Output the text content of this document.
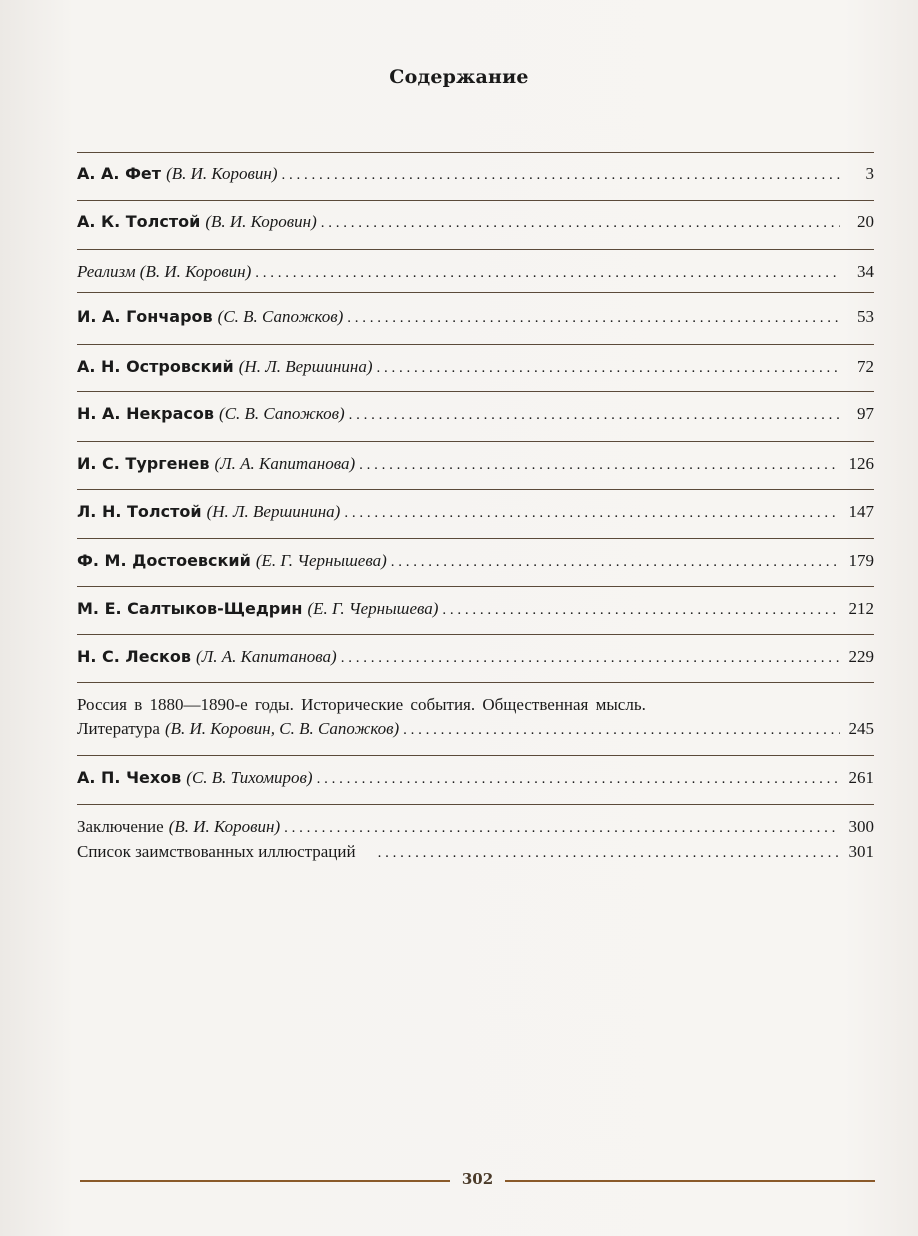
Содержание
А. А. Фет (В. И. Коровин) . . .	3
А. К. Толстой (В. И. Коровин) . . .	20
Реализм (В. И. Коровин) . . .	34
И. А. Гончаров (С. В. Сапожков) . . .	53
А. Н. Островский (Н. Л. Вершинина) . . .	72
Н. А. Некрасов (С. В. Сапожков) . . .	97
И. С. Тургенев (Л. А. Капитанова) . . .	126
Л. Н. Толстой (Н. Л. Вершинина) . . .	147
Ф. М. Достоевский (Е. Г. Чернышева) . . .	179
М. Е. Салтыков-Щедрин (Е. Г. Чернышева) . . .	212
Н. С. Лесков (Л. А. Капитанова) . . .	229
Россия в 1880—1890-е годы. Исторические события. Общественная мысль.
Литература (В. И. Коровин, С. В. Сапожков) . . .	245
А. П. Чехов (С. В. Тихомиров) . . .	261
Заключение (В. И. Коровин) . . .	300
Список заимствованных иллюстраций . . .	301
302
